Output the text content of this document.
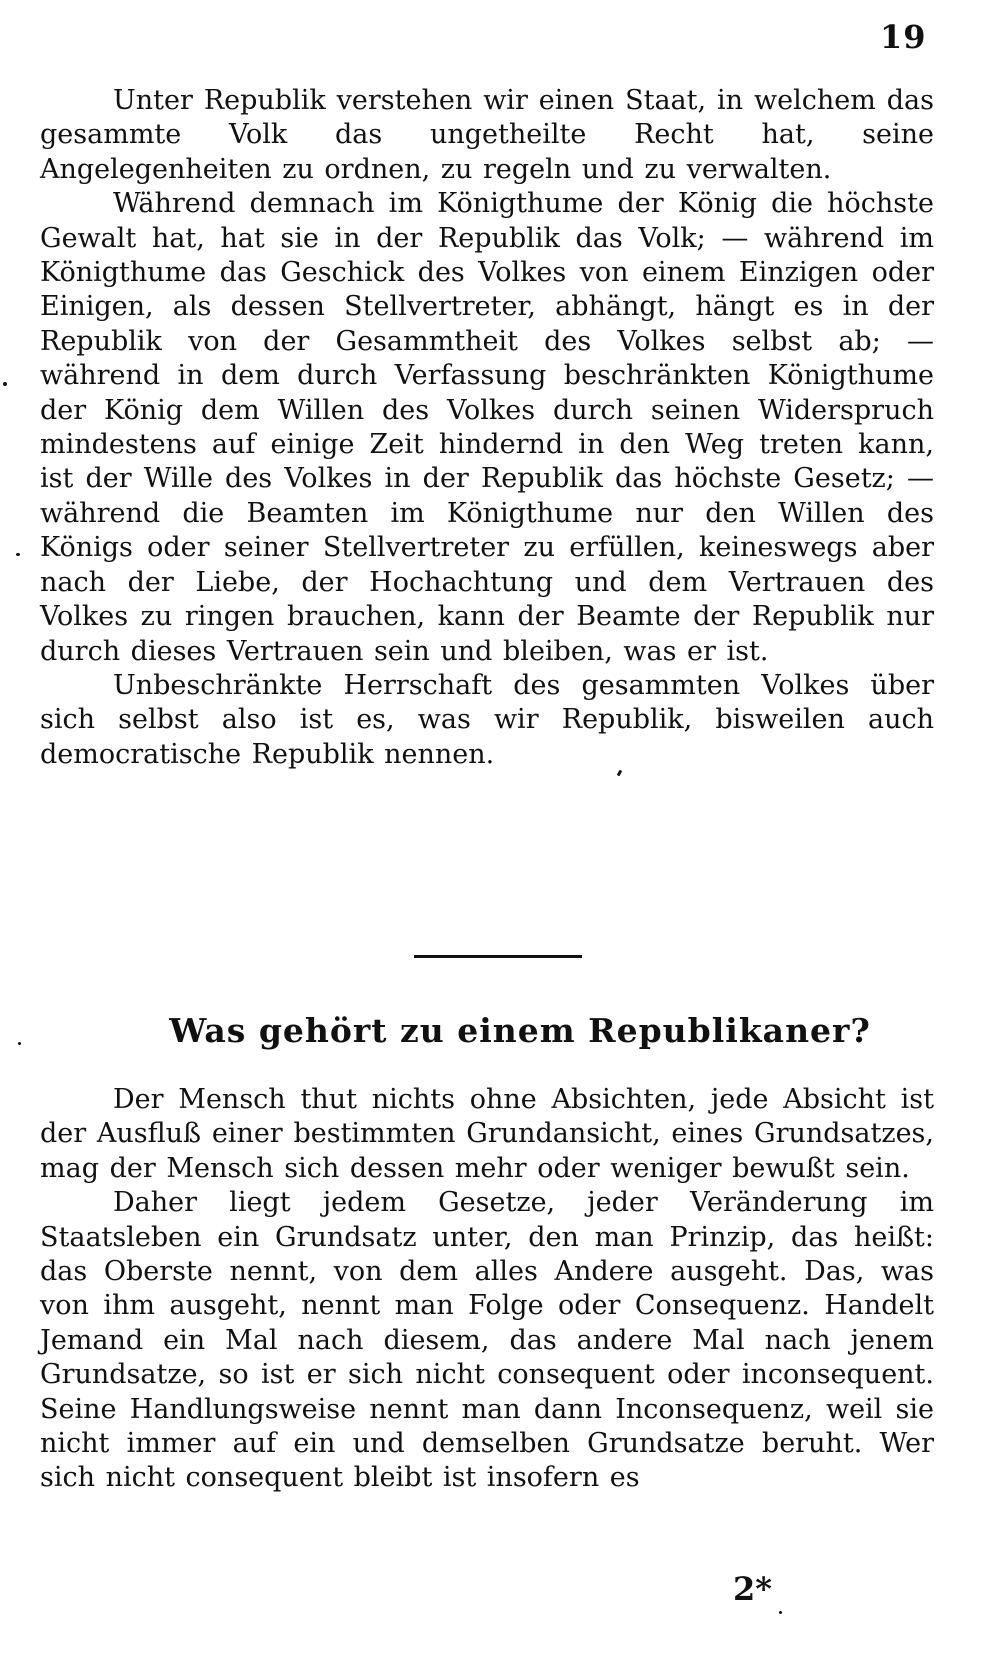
19

Unter Republik verstehen wir einen Staat, in welchem das gesammte Volk das ungetheilte Recht hat, seine Angelegenheiten zu ordnen, zu regeln und zu verwalten.

Während demnach im Königthume der König die höchste Gewalt hat, hat sie in der Republik das Volk; — während im Königthume das Geschick des Volkes von einem Einzigen oder Einigen, als dessen Stellvertreter, abhängt, hängt es in der Republik von der Gesammtheit des Volkes selbst ab; — während in dem durch Verfassung beschränkten Königthume der König dem Willen des Volkes durch seinen Widerspruch mindestens auf einige Zeit hindernd in den Weg treten kann, ist der Wille des Volkes in der Republik das höchste Gesetz; — während die Beamten im Königthume nur den Willen des Königs oder seiner Stellvertreter zu erfüllen, keineswegs aber nach der Liebe, der Hochachtung und dem Vertrauen des Volkes zu ringen brauchen, kann der Beamte der Republik nur durch dieses Vertrauen sein und bleiben, was er ist.

Unbeschränkte Herrschaft des gesammten Volkes über sich selbst also ist es, was wir Republik, bisweilen auch democratische Republik nennen.

Was gehört zu einem Republikaner?

Der Mensch thut nichts ohne Absichten, jede Absicht ist der Ausfluß einer bestimmten Grundansicht, eines Grundsatzes, mag der Mensch sich dessen mehr oder weniger bewußt sein.

Daher liegt jedem Gesetze, jeder Veränderung im Staatsleben ein Grundsatz unter, den man Prinzip, das heißt: das Oberste nennt, von dem alles Andere ausgeht. Das, was von ihm ausgeht, nennt man Folge oder Consequenz. Handelt Jemand ein Mal nach diesem, das andere Mal nach jenem Grundsatze, so ist er sich nicht consequent oder inconsequent. Seine Handlungsweise nennt man dann Inconsequenz, weil sie nicht immer auf ein und demselben Grundsatze beruht. Wer sich nicht consequent bleibt ist insofern es

2*
